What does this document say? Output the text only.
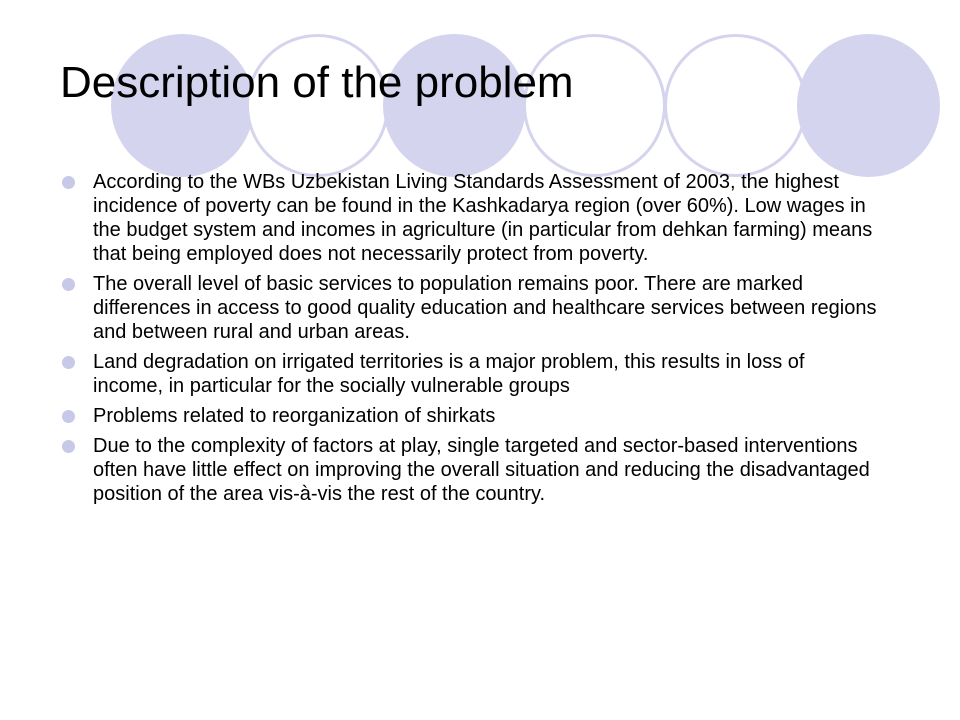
Description of the problem
According to the WBs Uzbekistan Living Standards Assessment of 2003, the highest incidence of poverty can be found in the Kashkadarya region (over 60%). Low wages in the budget system and incomes in agriculture (in particular from dehkan farming) means that being employed does not necessarily protect from poverty.
The overall level of basic services to population remains poor. There are marked differences in access to good quality education and healthcare services between regions and between rural and urban areas.
Land degradation on irrigated territories is a major problem, this results in loss of income, in particular for the socially vulnerable groups
Problems related to reorganization of shirkats
Due to the complexity of factors at play, single targeted and sector-based interventions often have little effect on improving the overall situation and reducing the disadvantaged position of the area vis-à-vis the rest of the country.
